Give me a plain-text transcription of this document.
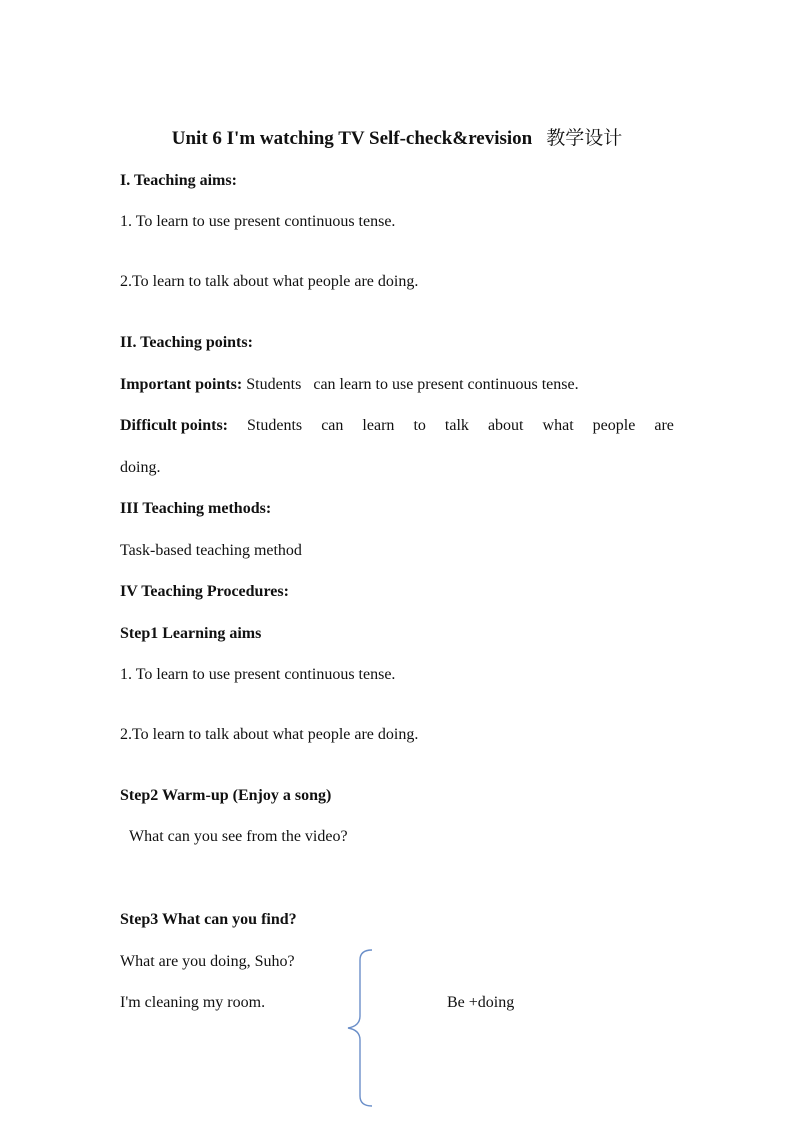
Unit 6 I'm watching TV Self-check&revision 教学设计
I. Teaching aims:
1. To learn to use present continuous tense.
2.To learn to talk about what people are doing.
II. Teaching points:
Important points: Students   can learn to use present continuous tense.
Difficult points: Students can learn to talk about what people are
doing.
III Teaching methods:
Task-based teaching method
IV Teaching Procedures:
Step1 Learning aims
1. To learn to use present continuous tense.
2.To learn to talk about what people are doing.
Step2 Warm-up (Enjoy a song)
What can you see from the video?
Step3 What can you find?
What are you doing, Suho?
I'm cleaning my room.	Be +doing
